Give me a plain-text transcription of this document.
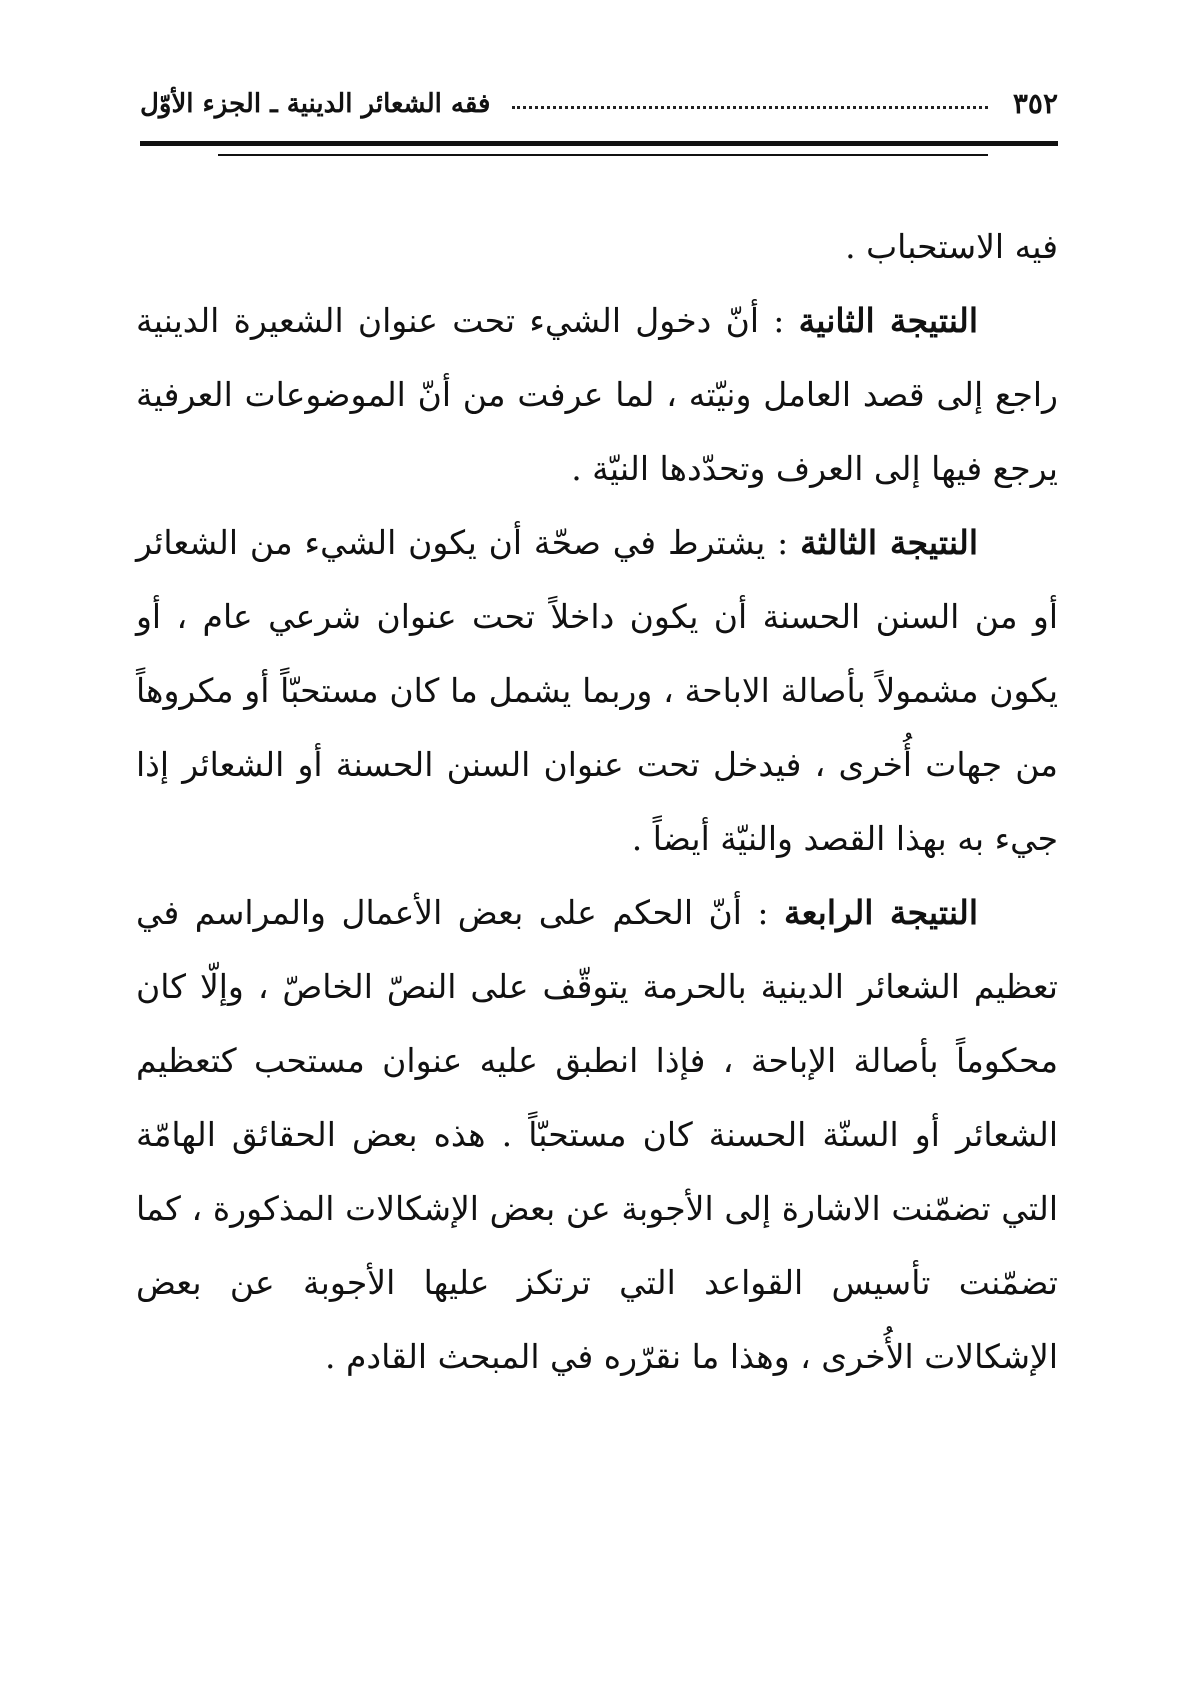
٣٥٢
فقه الشعائر الدينية ـ الجزء الأوّل

فيه الاستحباب .

النتيجة الثانية : أنّ دخول الشيء تحت عنوان الشعيرة الدينية راجع إلى قصد العامل ونيّته ، لما عرفت من أنّ الموضوعات العرفية يرجع فيها إلى العرف وتحدّدها النيّة .

النتيجة الثالثة : يشترط في صحّة أن يكون الشيء من الشعائر أو من السنن الحسنة أن يكون داخلاً تحت عنوان شرعي عام ، أو يكون مشمولاً بأصالة الاباحة ، وربما يشمل ما كان مستحبّاً أو مكروهاً من جهات أُخرى ، فيدخل تحت عنوان السنن الحسنة أو الشعائر إذا جيء به بهذا القصد والنيّة أيضاً .

النتيجة الرابعة : أنّ الحكم على بعض الأعمال والمراسم في تعظيم الشعائر الدينية بالحرمة يتوقّف على النصّ الخاصّ ، وإلّا كان محكوماً بأصالة الإباحة ، فإذا انطبق عليه عنوان مستحب كتعظيم الشعائر أو السنّة الحسنة كان مستحبّاً . هذه بعض الحقائق الهامّة التي تضمّنت الاشارة إلى الأجوبة عن بعض الإشكالات المذكورة ، كما تضمّنت تأسيس القواعد التي ترتكز عليها الأجوبة عن بعض الإشكالات الأُخرى ، وهذا ما نقرّره في المبحث القادم .
